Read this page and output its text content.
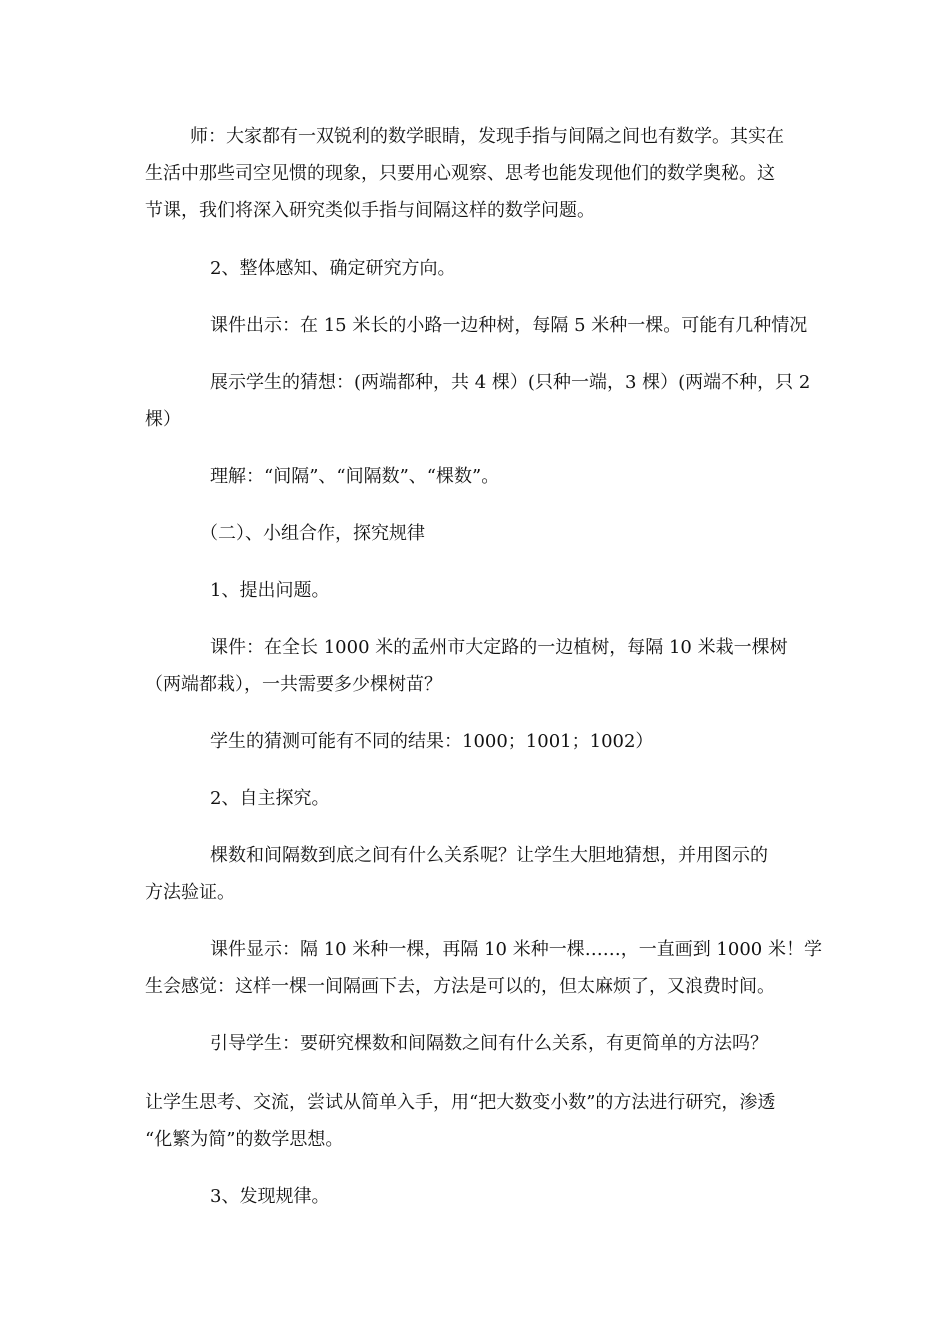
师：大家都有一双锐利的数学眼睛，发现手指与间隔之间也有数学。其实在
生活中那些司空见惯的现象，只要用心观察、思考也能发现他们的数学奥秘。这
节课，我们将深入研究类似手指与间隔这样的数学问题。
2、整体感知、确定研究方向。
课件出示：在 15 米长的小路一边种树，每隔 5 米种一棵。可能有几种情况
展示学生的猜想：(两端都种，共 4 棵）(只种一端，3 棵）(两端不种，只 2
棵）
理解：“间隔”、“间隔数”、“棵数”。
（二）、小组合作，探究规律
1、提出问题。
课件：在全长 1000 米的孟州市大定路的一边植树，每隔 10 米栽一棵树
（两端都栽），一共需要多少棵树苗？
学生的猜测可能有不同的结果：1000；1001；1002）
2、自主探究。
棵数和间隔数到底之间有什么关系呢？让学生大胆地猜想，并用图示的
方法验证。
课件显示：隔 10 米种一棵，再隔 10 米种一棵……，一直画到 1000 米！学
生会感觉：这样一棵一间隔画下去，方法是可以的，但太麻烦了，又浪费时间。
引导学生：要研究棵数和间隔数之间有什么关系，有更简单的方法吗？
让学生思考、交流，尝试从简单入手，用“把大数变小数”的方法进行研究，渗透
“化繁为简”的数学思想。
3、发现规律。
